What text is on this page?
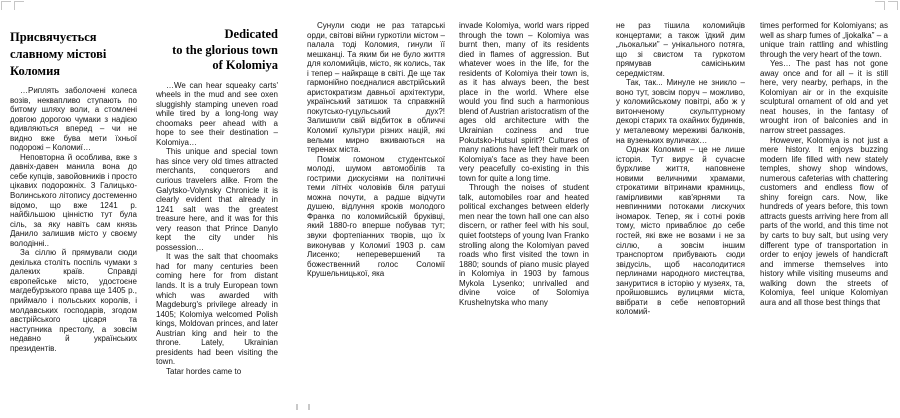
Присвячується
славному містові
Коломия

…Риплять заболочені колеса возів, неквапливо ступають по битому шляху воли, а стомлені довгою дорогою чумаки з надією вдивляються вперед – чи не видно вже бува мети їхньої подорожі – Коломиї…

Неповторна й особлива, вже з давніх-давен манила вона до себе купців, завойовників і просто цікавих подорожніх. З Галицько-Волинського літопису достеменно відомо, що вже 1241 р. найбільшою цінністю тут була сіль, за яку навіть сам князь Данило залишив місто у своєму володінні..

За сіллю й прямували сюди декілька століть поспіль чумаки з далеких країв. Справді європейське місто, удостоєне магдебурзького права ще 1405 р., приймало і польських королів, і молдавських господарів, згодом австрійського цісаря та наступника престолу, а зовсім недавно й українських президентів.

Dedicated
to the glorious town
of Kolomiya

…We can hear squeaky carts' wheels in the mud and see oxen sluggishly stamping uneven road while tired by a long-long way choomaks peer ahead with a hope to see their destination – Kolomiya…

This unique and special town has since very old times attracted merchants, conquerors and curious travelers alike. From the Galytsko-Volynsky Chronicle it is clearly evident that already in 1241 salt was the greatest treasure here, and it was for this very reason that Prince Danylo kept the city under his possession…

It was the salt that choomaks had for many centuries been coming here for from distant lands. It is a truly European town which was awarded with Magdeburg's privilege already in 1405; Kolomiya welcomed Polish kings, Moldovan princes, and later Austrian king and heir to the throne. Lately, Ukrainian presidents had been visiting the town.

Tatar hordes came to

Сунули сюди не раз татарські орди, світові війни гуркотіли містом – палала тоді Коломия, гинули її мешканці. Та яким би не було життя для коломийців, місто, як колись, так і тепер – найкраще в світі. Де ще так гармонійно поєдналися австрійський аристократизм давньої архітектури, український затишок та справжній покутсько-гуцульський дух?! Залишили свій відбиток в обличчі Коломиї культури різних націй, які вельми мирно вживаються на теренах міста.

Поміж гомоном студентської молоді, шумом автомобілів та гострими дискусіями на політичні теми літніх чоловіків біля ратуші можна почути, а радше відчути душею, відлуння кроків молодого Франка по коломийській бруківці, який 1880-го вперше побував тут; звуки фортепіанних творів, що їх виконував у Коломиї 1903 р. сам Лисенко; неперевершений та божественний голос Соломії Крушельницької, яка

invade Kolomiya, world wars ripped through the town – Kolomiya was burnt then, many of its residents died in flames of aggression. But whatever woes in the life, for the residents of Kolomiya their town is, as it has always been, the best place in the world. Where else would you find such a harmonious blend of Austrian aristocratism of the ages old architecture with the Ukrainian coziness and true Pokutsko-Hutsul spirit?! Cultures of many nations have left their mark on Kolomiya's face as they have been very peacefully co-existing in this town for quite a long time.

Through the noises of student talk, automobiles roar and heated political exchanges between elderly men near the town hall one can also discern, or rather feel with his soul, quiet footsteps of young Ivan Franko strolling along the Kolomiyan paved roads who first visited the town in 1880; sounds of piano music played in Kolomiya in 1903 by famous Mykola Lysenko; unrivalled and divine voice of Solomiya Krushelnytska who many

не раз тішила коломийців концертами; а також їдкий дим „льокальки” – унікального потяга, що зі свистом та гуркотом прямував самісіньким середмістям.

Так, так... Минуле не зникло – воно тут, зовсім поруч – можливо, у коломийському повітрі, або ж у витонченому скульптурному декорі старих та охайних будинків, у металевому мереживі балконів, на вузеньких вуличках…

Однак Коломия – це не лише історія. Тут вирує й сучасне бурхливе життя, наповнене новими величними храмами, строкатими вітринами крамниць, гамірливими кав'ярнями та невпинними потоками лискучих іномарок. Тепер, як і сотні років тому, місто приваблює до себе гостей, які вже не возами і не за сіллю, а зовсім іншим транспортом прибувають сюди звідусіль, щоб насолодитися перлинами народного мистецтва, зануритися в історію у музеях, та, пройшовшись вулицями міста, ввібрати в себе неповторний коломий-

times performed for Kolomiyans; as well as sharp fumes of „ljokalka” – a unique train rattling and whistling through the very heart of the town.

Yes… The past has not gone away once and for all – it is still here, very nearby, perhaps, in the Kolomiyan air or in the exquisite sculptural ornament of old and yet neat houses, in the fantasy of wrought iron of balconies and in narrow street passages.

However, Kolomiya is not just a mere history. It enjoys buzzing modern life filled with new stately temples, showy shop windows, numerous cafeterias with chattering customers and endless flow of shiny foreign cars. Now, like hundreds of years before, this town attracts guests arriving here from all parts of the world, and this time not by carts to buy salt, but using very different type of transportation in order to enjoy jewels of handicraft and immerse themselves into history while visiting museums and walking down the streets of Kolomiya, feel unique Kolomiyan aura and all those best things that
